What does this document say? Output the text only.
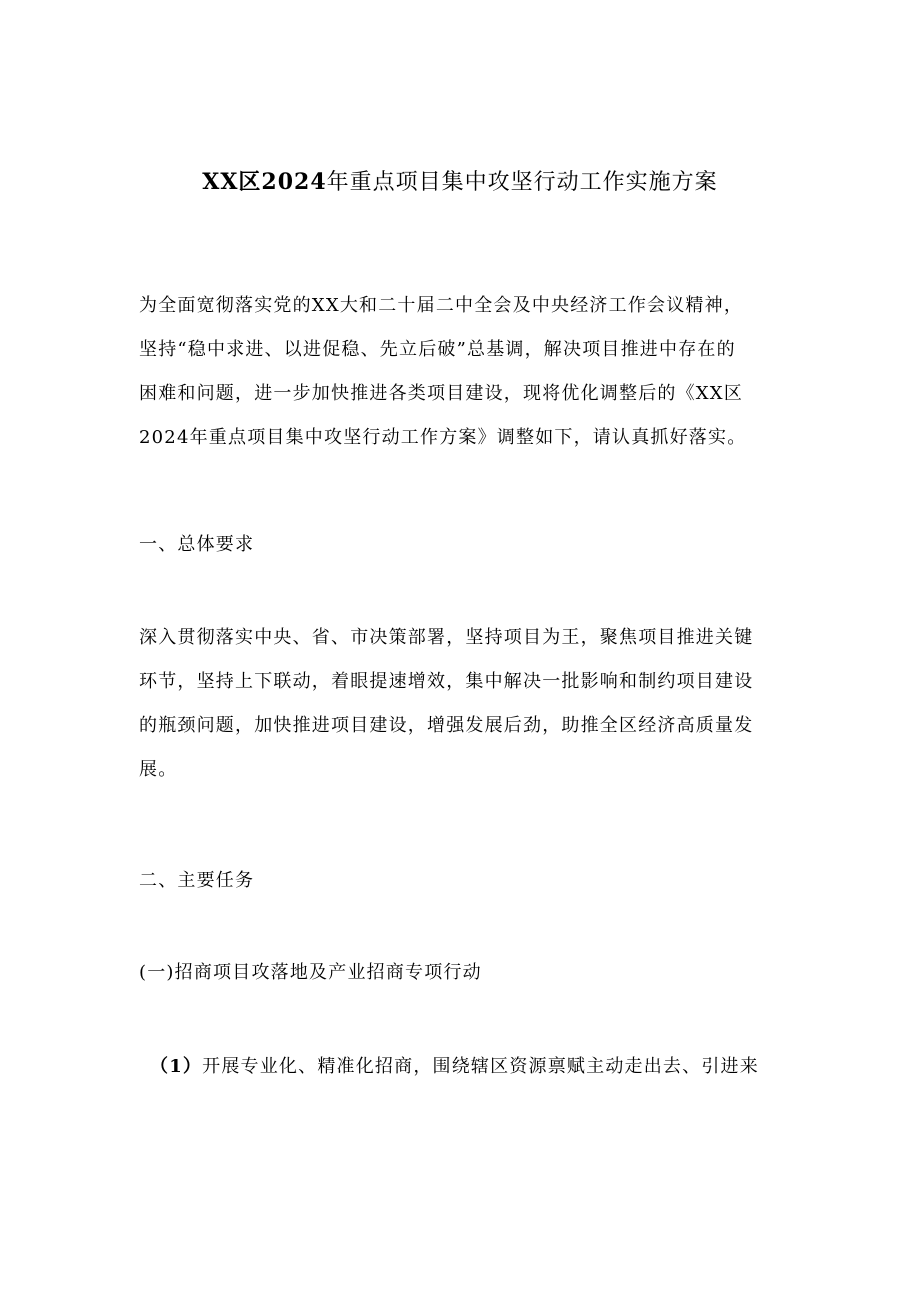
XX区2024年重点项目集中攻坚行动工作实施方案

为全面宽彻落实党的XX大和二十届二中全会及中央经济工作会议精神，
坚持“稳中求进、以进促稳、先立后破”总基调，解决项目推进中存在的
困难和问题，进一步加快推进各类项目建设，现将优化调整后的《XX区
2024年重点项目集中攻坚行动工作方案》调整如下，请认真抓好落实。

一、总体要求

深入贯彻落实中央、省、市决策部署，坚持项目为王，聚焦项目推进关键
环节，坚持上下联动，着眼提速增效，集中解决一批影响和制约项目建设
的瓶颈问题，加快推进项目建设，增强发展后劲，助推全区经济高质量发
展。

二、主要任务
(一)招商项目攻落地及产业招商专项行动

（1）开展专业化、精准化招商，围绕辖区资源禀赋主动走出去、引进来
